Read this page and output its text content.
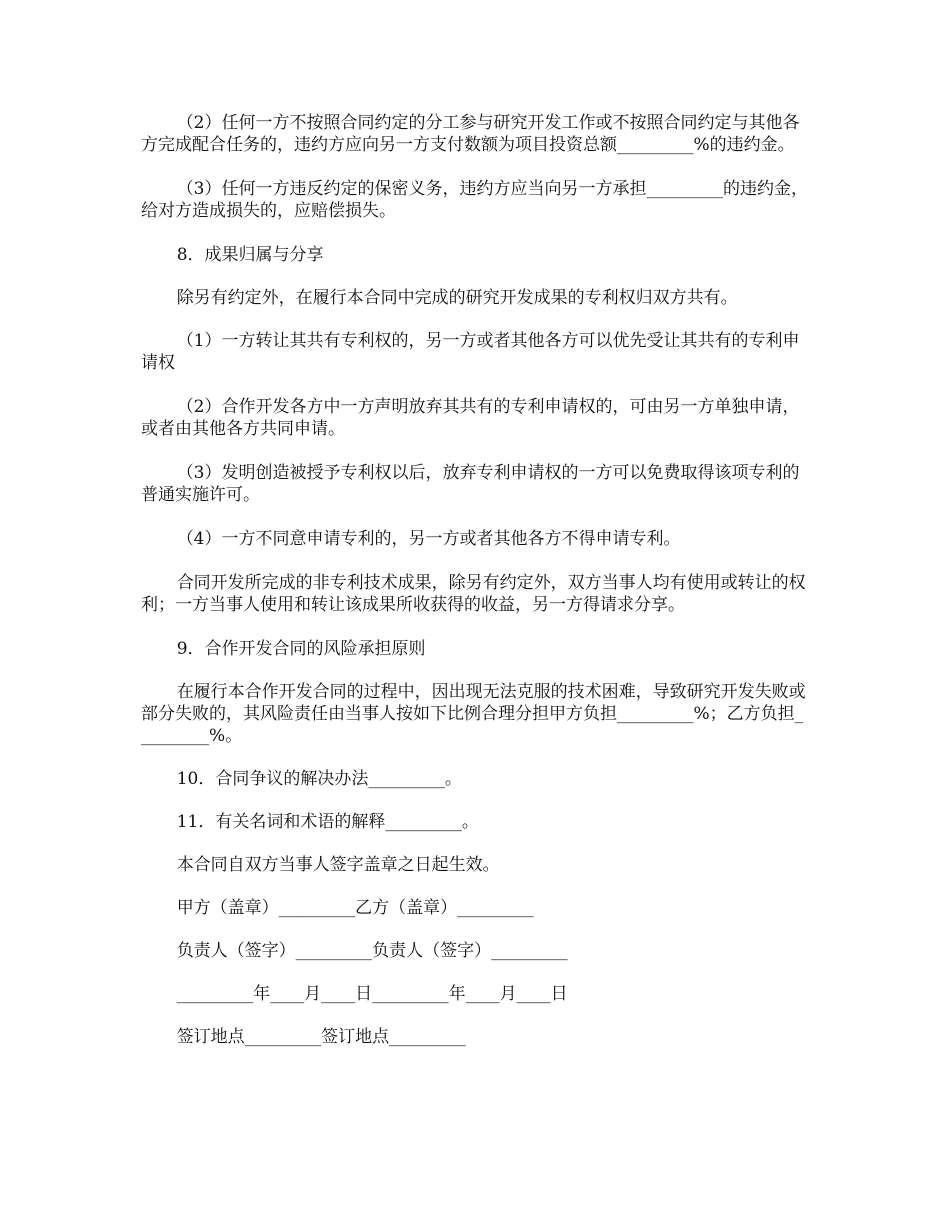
（2）任何一方不按照合同约定的分工参与研究开发工作或不按照合同约定与其他各方完成配合任务的，违约方应向另一方支付数额为项目投资总额_________%的违约金。

（3）任何一方违反约定的保密义务，违约方应当向另一方承担_________的违约金，给对方造成损失的，应赔偿损失。

8．成果归属与分享

除另有约定外，在履行本合同中完成的研究开发成果的专利权归双方共有。

（1）一方转让其共有专利权的，另一方或者其他各方可以优先受让其共有的专利申请权

（2）合作开发各方中一方声明放弃其共有的专利申请权的，可由另一方单独申请，或者由其他各方共同申请。

（3）发明创造被授予专利权以后，放弃专利申请权的一方可以免费取得该项专利的普通实施许可。

（4）一方不同意申请专利的，另一方或者其他各方不得申请专利。

合同开发所完成的非专利技术成果，除另有约定外，双方当事人均有使用或转让的权利；一方当事人使用和转让该成果所收获得的收益，另一方得请求分享。

9．合作开发合同的风险承担原则

在履行本合作开发合同的过程中，因出现无法克服的技术困难，导致研究开发失败或部分失败的，其风险责任由当事人按如下比例合理分担甲方负担_________%；乙方负担_________%。

10．合同争议的解决办法_________。

11．有关名词和术语的解释_________。

本合同自双方当事人签字盖章之日起生效。

甲方（盖章）_________乙方（盖章）_________

负责人（签字）_________负责人（签字）_________

_________年____月____日_________年____月____日

签订地点_________签订地点_________
